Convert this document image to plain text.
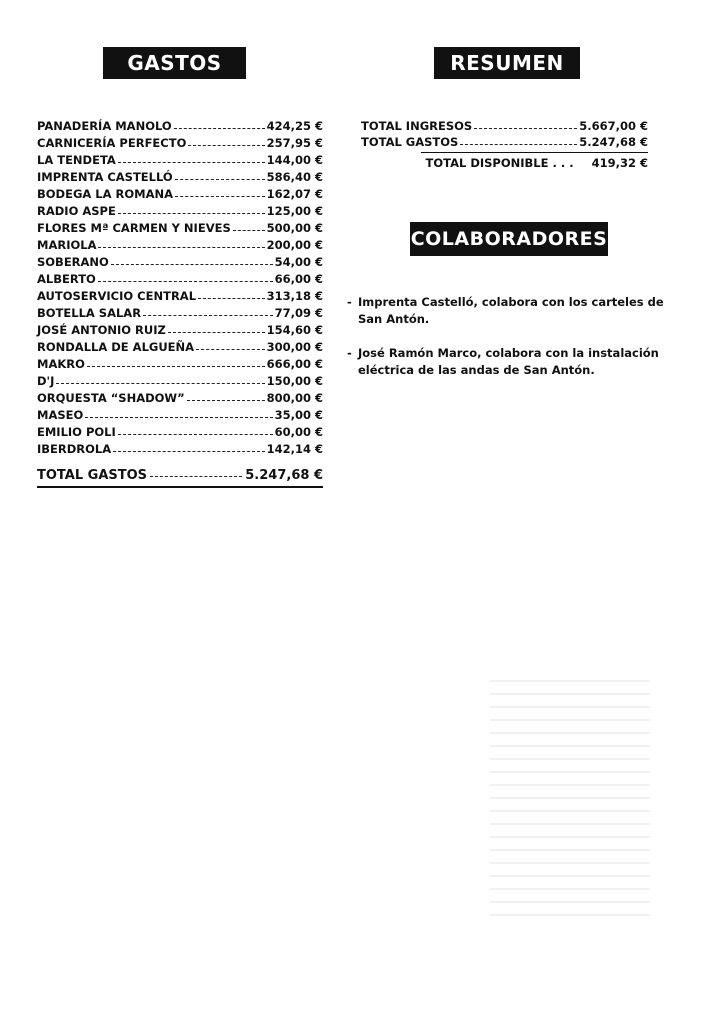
GASTOS	RESUMEN
COLABORADORES
PANADERÍA MANOLO	424,25 €
CARNICERÍA PERFECTO	257,95 €
LA TENDETA	144,00 €
IMPRENTA CASTELLÓ	586,40 €
BODEGA LA ROMANA	162,07 €
RADIO ASPE	125,00 €
FLORES Mª CARMEN Y NIEVES	500,00 €
MARIOLA	200,00 €
SOBERANO	54,00 €
ALBERTO	66,00 €
AUTOSERVICIO CENTRAL	313,18 €
BOTELLA SALAR	77,09 €
JOSÉ ANTONIO RUIZ	154,60 €
RONDALLA DE ALGUEÑA	300,00 €
MAKRO	666,00 €
D'J	150,00 €
ORQUESTA “SHADOW”	800,00 €
MASEO	35,00 €
EMILIO POLI	60,00 €
IBERDROLA	142,14 €
TOTAL GASTOS	5.247,68 €
TOTAL INGRESOS	5.667,00 €
TOTAL GASTOS	5.247,68 €
TOTAL DISPONIBLE . . . 419,32 €
- Imprenta Castelló, colabora con los carteles de San Antón.
- José Ramón Marco, colabora con la instalación eléctrica de las andas de San Antón.
